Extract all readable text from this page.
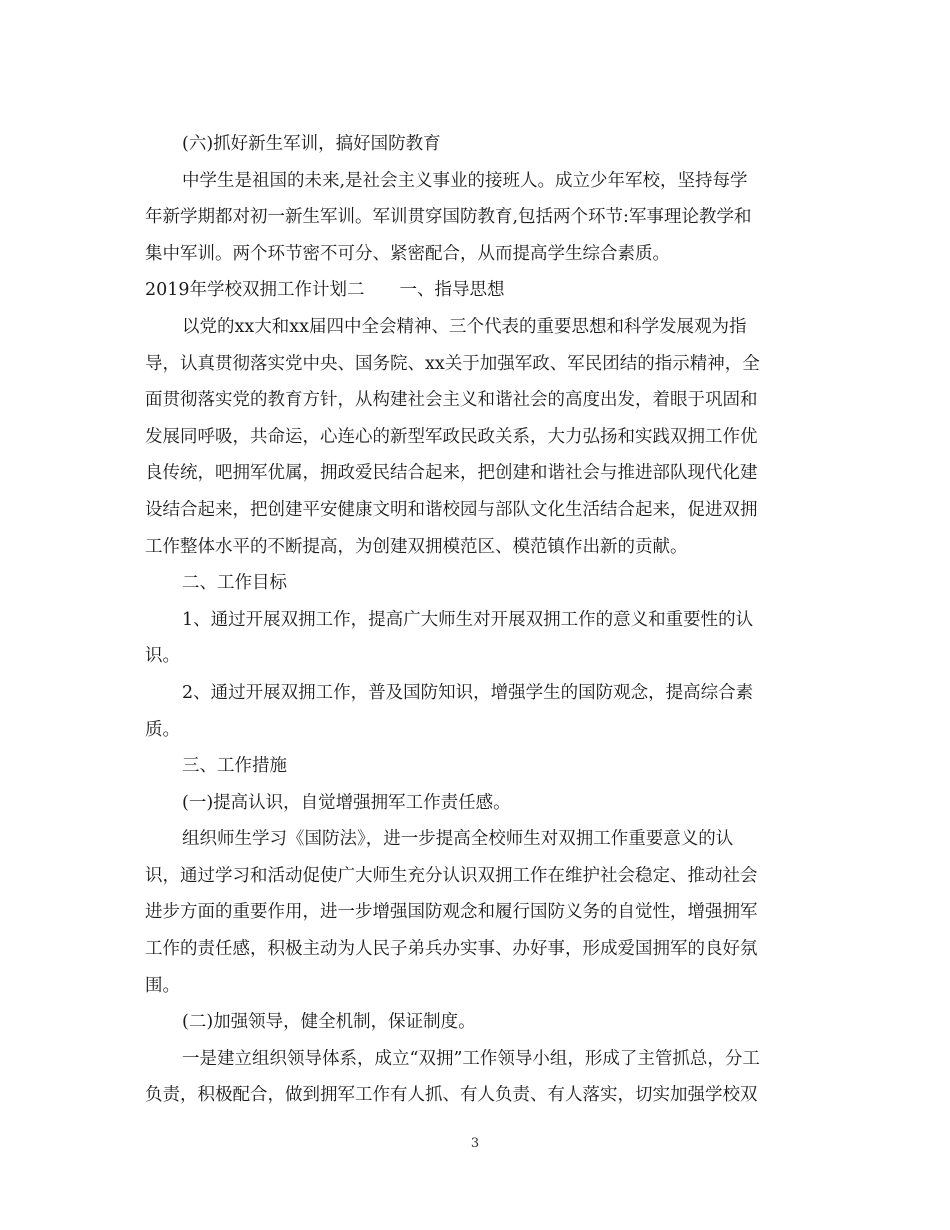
(六)抓好新生军训，搞好国防教育
中学生是祖国的未来,是社会主义事业的接班人。成立少年军校，坚持每学
年新学期都对初一新生军训。军训贯穿国防教育,包括两个环节:军事理论教学和
集中军训。两个环节密不可分、紧密配合，从而提高学生综合素质。
2019年学校双拥工作计划二　　一、指导思想
以党的xx大和xx届四中全会精神、三个代表的重要思想和科学发展观为指
导，认真贯彻落实党中央、国务院、xx关于加强军政、军民团结的指示精神，全
面贯彻落实党的教育方针，从构建社会主义和谐社会的高度出发，着眼于巩固和
发展同呼吸，共命运，心连心的新型军政民政关系，大力弘扬和实践双拥工作优
良传统，吧拥军优属，拥政爱民结合起来，把创建和谐社会与推进部队现代化建
设结合起来，把创建平安健康文明和谐校园与部队文化生活结合起来，促进双拥
工作整体水平的不断提高，为创建双拥模范区、模范镇作出新的贡献。
二、工作目标
1、通过开展双拥工作，提高广大师生对开展双拥工作的意义和重要性的认
识。
2、通过开展双拥工作，普及国防知识，增强学生的国防观念，提高综合素
质。
三、工作措施
(一)提高认识，自觉增强拥军工作责任感。
组织师生学习《国防法》，进一步提高全校师生对双拥工作重要意义的认
识，通过学习和活动促使广大师生充分认识双拥工作在维护社会稳定、推动社会
进步方面的重要作用，进一步增强国防观念和履行国防义务的自觉性，增强拥军
工作的责任感，积极主动为人民子弟兵办实事、办好事，形成爱国拥军的良好氛
围。
(二)加强领导，健全机制，保证制度。
一是建立组织领导体系，成立“双拥”工作领导小组，形成了主管抓总，分工
负责，积极配合，做到拥军工作有人抓、有人负责、有人落实，切实加强学校双
3
